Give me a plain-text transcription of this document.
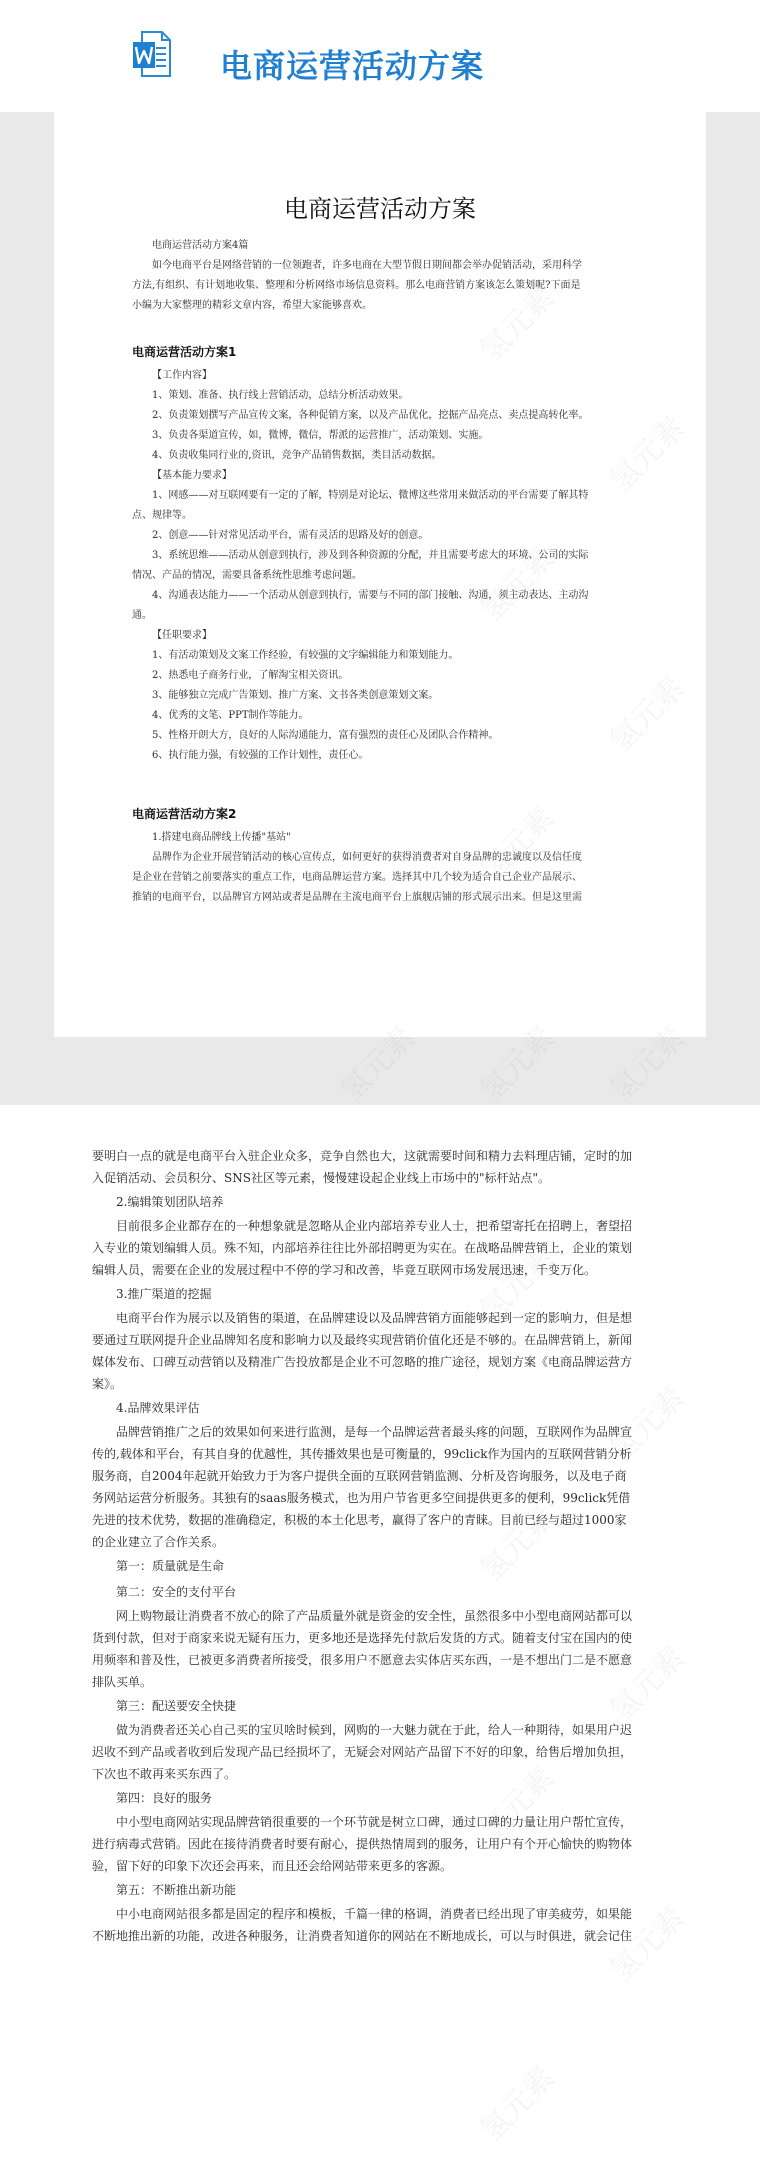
电商运营活动方案
电商运营活动方案

电商运营活动方案4篇

如今电商平台是网络营销的一位领跑者，许多电商在大型节假日期间都会举办促销活动，采用科学

方法,有组织、有计划地收集、整理和分析网络市场信息资料。那么电商营销方案该怎么策划呢?下面是

小编为大家整理的精彩文章内容，希望大家能够喜欢。

电商运营活动方案1

【工作内容】

1、策划、准备、执行线上营销活动，总结分析活动效果。

2、负责策划撰写产品宣传文案，各种促销方案，以及产品优化，挖掘产品亮点、卖点提高转化率。

3、负责各渠道宣传，如，微博，微信，帮派的运营推广，活动策划、实施。

4、负责收集同行业的,资讯，竞争产品销售数据，类目活动数据。

【基本能力要求】

1、网感——对互联网要有一定的了解，特别是对论坛、微博这些常用来做活动的平台需要了解其特

点、规律等。

2、创意——针对常见活动平台，需有灵活的思路及好的创意。

3、系统思维——活动从创意到执行，涉及到各种资源的分配，并且需要考虑大的环境、公司的实际

情况、产品的情况，需要具备系统性思维考虑问题。

4、沟通表达能力——一个活动从创意到执行，需要与不同的部门接触、沟通，须主动表达、主动沟

通。

【任职要求】

1、有活动策划及文案工作经验，有较强的文字编辑能力和策划能力。

2、热悉电子商务行业，了解淘宝相关资讯。

3、能够独立完成广告策划、推广方案、文书各类创意策划文案。

4、优秀的文笔、PPT制作等能力。

5、性格开朗大方，良好的人际沟通能力，富有强烈的责任心及团队合作精神。

6、执行能力强，有较强的工作计划性，责任心。

电商运营活动方案2

1.搭建电商品牌线上传播"基站"

品牌作为企业开展营销活动的核心宣传点，如何更好的获得消费者对自身品牌的忠诚度以及信任度

是企业在营销之前要落实的重点工作，电商品牌运营方案。选择其中几个较为适合自己企业产品展示、

推销的电商平台，以品牌官方网站或者是品牌在主流电商平台上旗舰店铺的形式展示出来。但是这里需

要明白一点的就是电商平台入驻企业众多，竞争自然也大，这就需要时间和精力去料理店铺，定时的加

入促销活动、会员积分、SNS社区等元素，慢慢建设起企业线上市场中的"标杆站点"。

2.编辑策划团队培养

目前很多企业都存在的一种想象就是忽略从企业内部培养专业人士，把希望寄托在招聘上，奢望招

入专业的策划编辑人员。殊不知，内部培养往往比外部招聘更为实在。在战略品牌营销上，企业的策划

编辑人员，需要在企业的发展过程中不停的学习和改善，毕竟互联网市场发展迅速，千变万化。

3.推广渠道的挖掘

电商平台作为展示以及销售的渠道，在品牌建设以及品牌营销方面能够起到一定的影响力，但是想

要通过互联网提升企业品牌知名度和影响力以及最终实现营销价值化还是不够的。在品牌营销上，新闻

媒体发布、口碑互动营销以及精准广告投放都是企业不可忽略的推广途径，规划方案《电商品牌运营方

案》。

4.品牌效果评估

品牌营销推广之后的效果如何来进行监测，是每一个品牌运营者最头疼的问题，互联网作为品牌宣

传的,载体和平台，有其自身的优越性，其传播效果也是可衡量的，99click作为国内的互联网营销分析

服务商，自2004年起就开始致力于为客户提供全面的互联网营销监测、分析及咨询服务，以及电子商

务网站运营分析服务。其独有的saas服务模式，也为用户节省更多空间提供更多的便利，99click凭借

先进的技术优势，数据的准确稳定，积极的本土化思考，赢得了客户的青睐。目前已经与超过1000家

的企业建立了合作关系。

第一：质量就是生命

第二：安全的支付平台

网上购物最让消费者不放心的除了产品质量外就是资金的安全性，虽然很多中小型电商网站都可以

货到付款，但对于商家来说无疑有压力，更多地还是选择先付款后发货的方式。随着支付宝在国内的使

用频率和普及性，已被更多消费者所接受，很多用户不愿意去实体店买东西，一是不想出门二是不愿意

排队买单。

第三：配送要安全快捷

做为消费者还关心自己买的宝贝啥时候到，网购的一大魅力就在于此，给人一种期待，如果用户迟

迟收不到产品或者收到后发现产品已经损坏了，无疑会对网站产品留下不好的印象，给售后增加负担，

下次也不敢再来买东西了。

第四：良好的服务

中小型电商网站实现品牌营销很重要的一个环节就是树立口碑，通过口碑的力量让用户帮忙宣传，

进行病毒式营销。因此在接待消费者时要有耐心，提供热情周到的服务，让用户有个开心愉快的购物体

验，留下好的印象下次还会再来，而且还会给网站带来更多的客源。

第五：不断推出新功能

中小电商网站很多都是固定的程序和模板，千篇一律的格调，消费者已经出现了审美疲劳，如果能

不断地推出新的功能，改进各种服务，让消费者知道你的网站在不断地成长，可以与时俱进，就会记住
